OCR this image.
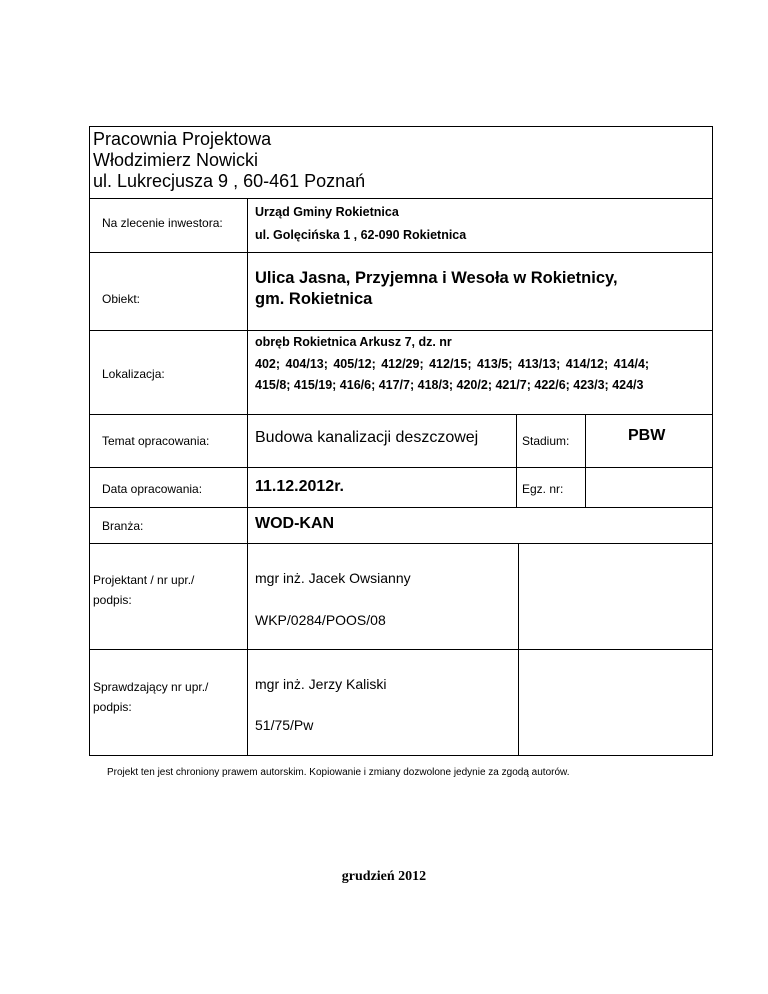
Pracownia Projektowa
Włodzimierz Nowicki
ul. Lukrecjusza 9 , 60-461 Poznań
Na zlecenie inwestora:
Urząd Gminy Rokietnica
ul. Golęcińska 1 , 62-090 Rokietnica
Obiekt:
Ulica Jasna, Przyjemna i Wesoła w Rokietnicy,
gm. Rokietnica
Lokalizacja:
obręb Rokietnica Arkusz 7, dz. nr
402; 404/13; 405/12; 412/29; 412/15; 413/5; 413/13; 414/12; 414/4;
415/8; 415/19; 416/6; 417/7; 418/3; 420/2; 421/7; 422/6; 423/3; 424/3
Temat opracowania:	Budowa kanalizacji deszczowej	Stadium:	PBW
Data opracowania:	11.12.2012r.	Egz. nr:
Branża:	WOD-KAN
Projektant / nr upr./
podpis:
mgr inż. Jacek Owsianny
WKP/0284/POOS/08
Sprawdzający nr upr./
podpis:
mgr inż. Jerzy Kaliski
51/75/Pw
Projekt ten jest chroniony prawem autorskim. Kopiowanie i zmiany dozwolone jedynie za zgodą autorów.
grudzień 2012
